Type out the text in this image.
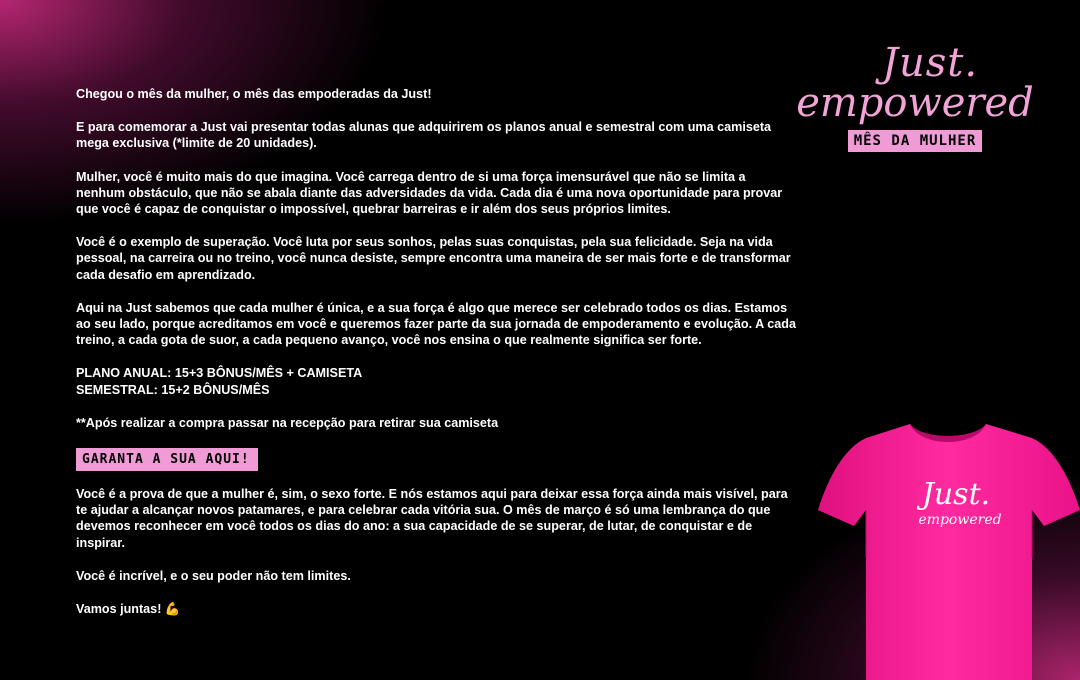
Chegou o mês da mulher, o mês das empoderadas da Just!

E para comemorar a Just vai presentar todas alunas que adquirirem os planos anual e semestral com uma camiseta mega exclusiva (*limite de 20 unidades).

Mulher, você é muito mais do que imagina. Você carrega dentro de si uma força imensurável que não se limita a nenhum obstáculo, que não se abala diante das adversidades da vida. Cada dia é uma nova oportunidade para provar que você é capaz de conquistar o impossível, quebrar barreiras e ir além dos seus próprios limites.

Você é o exemplo de superação. Você luta por seus sonhos, pelas suas conquistas, pela sua felicidade. Seja na vida pessoal, na carreira ou no treino, você nunca desiste, sempre encontra uma maneira de ser mais forte e de transformar cada desafio em aprendizado.

Aqui na Just sabemos que cada mulher é única, e a sua força é algo que merece ser celebrado todos os dias. Estamos ao seu lado, porque acreditamos em você e queremos fazer parte da sua jornada de empoderamento e evolução. A cada treino, a cada gota de suor, a cada pequeno avanço, você nos ensina o que realmente significa ser forte.

PLANO ANUAL: 15+3 BÔNUS/MÊS + CAMISETA
SEMESTRAL: 15+2 BÔNUS/MÊS

**Após realizar a compra passar na recepção para retirar sua camiseta

GARANTA A SUA AQUI!

Você é a prova de que a mulher é, sim, o sexo forte. E nós estamos aqui para deixar essa força ainda mais visível, para te ajudar a alcançar novos patamares, e para celebrar cada vitória sua. O mês de março é só uma lembrança do que devemos reconhecer em você todos os dias do ano: a sua capacidade de se superar, de lutar, de conquistar e de inspirar.

Você é incrível, e o seu poder não tem limites.

Vamos juntas! 💪

Just.
empowered
MÊS DA MULHER
Just.
empowered
